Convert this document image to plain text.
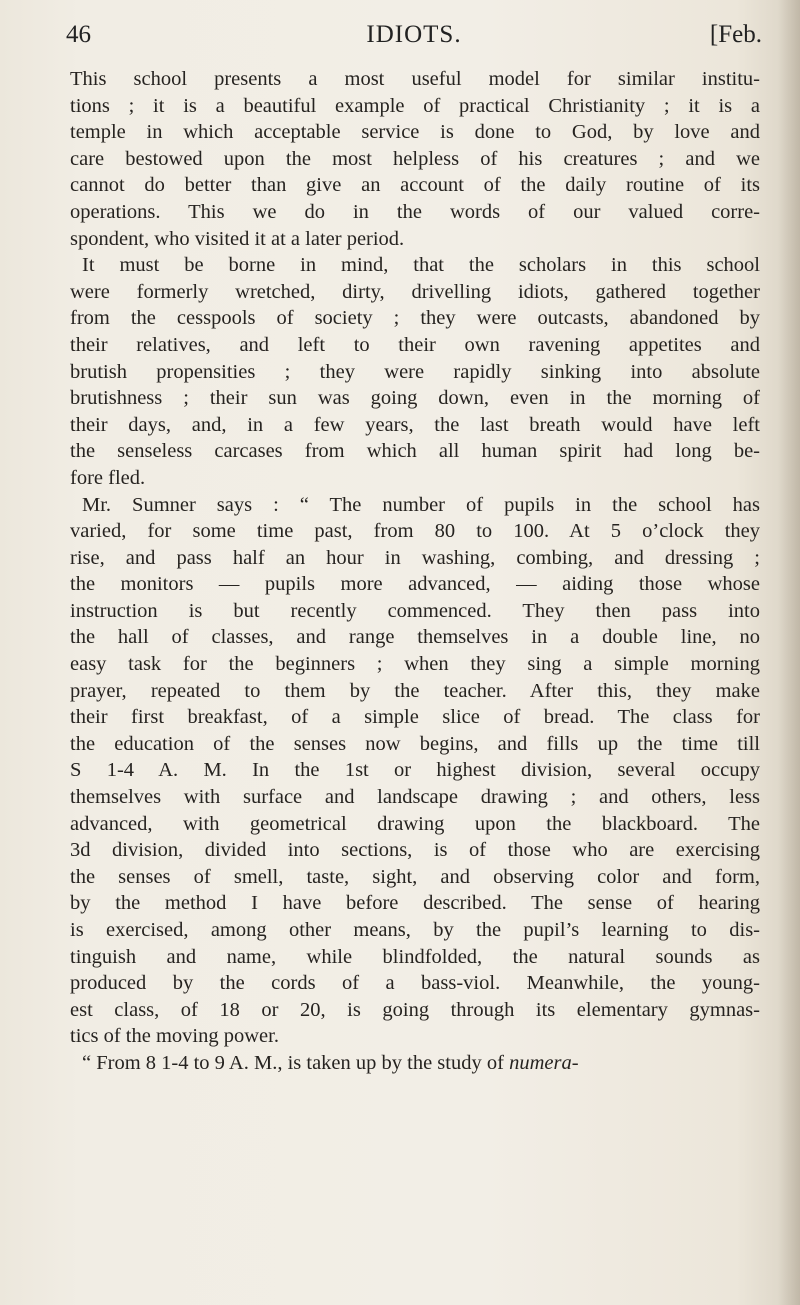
46	IDIOTS.	[Feb.
This school presents a most useful model for similar institu-
tions ; it is a beautiful example of practical Christianity ; it is a
temple in which acceptable service is done to God, by love and
care bestowed upon the most helpless of his creatures ; and we
cannot do better than give an account of the daily routine of its
operations. This we do in the words of our valued corre-
spondent, who visited it at a later period.
It must be borne in mind, that the scholars in this school
were formerly wretched, dirty, drivelling idiots, gathered together
from the cesspools of society ; they were outcasts, abandoned by
their relatives, and left to their own ravening appetites and
brutish propensities ; they were rapidly sinking into absolute
brutishness ; their sun was going down, even in the morning of
their days, and, in a few years, the last breath would have left
the senseless carcases from which all human spirit had long be-
fore fled.
Mr. Sumner says : “ The number of pupils in the school has
varied, for some time past, from 80 to 100. At 5 o’clock they
rise, and pass half an hour in washing, combing, and dressing ;
the monitors — pupils more advanced, — aiding those whose
instruction is but recently commenced. They then pass into
the hall of classes, and range themselves in a double line, no
easy task for the beginners ; when they sing a simple morning
prayer, repeated to them by the teacher. After this, they make
their first breakfast, of a simple slice of bread. The class for
the education of the senses now begins, and fills up the time till
S 1-4 A. M. In the 1st or highest division, several occupy
themselves with surface and landscape drawing ; and others, less
advanced, with geometrical drawing upon the blackboard. The
3d division, divided into sections, is of those who are exercising
the senses of smell, taste, sight, and observing color and form,
by the method I have before described. The sense of hearing
is exercised, among other means, by the pupil’s learning to dis-
tinguish and name, while blindfolded, the natural sounds as
produced by the cords of a bass-viol. Meanwhile, the young-
est class, of 18 or 20, is going through its elementary gymnas-
tics of the moving power.
“ From 8 1-4 to 9 A. M., is taken up by the study of numera-
